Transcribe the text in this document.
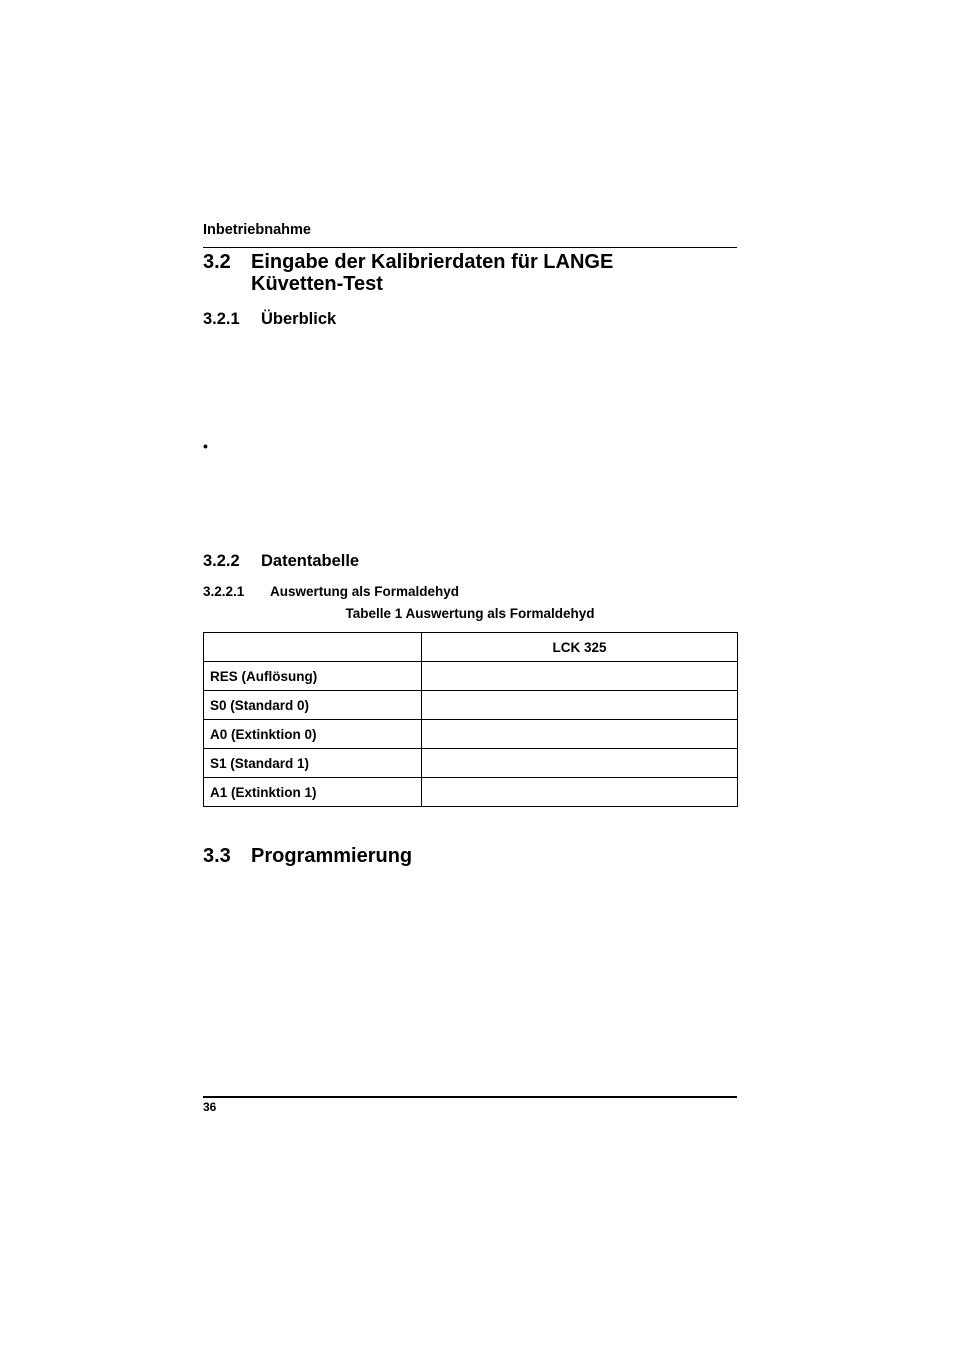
Inbetriebnahme
3.2 Eingabe der Kalibrierdaten für LANGE
Küvetten-Test
3.2.1 Überblick
•
3.2.2 Datentabelle
3.2.2.1 Auswertung als Formaldehyd
Tabelle 1 Auswertung als Formaldehyd
	LCK 325
RES (Auflösung)	
S0 (Standard 0)	
A0 (Extinktion 0)	
S1 (Standard 1)	
A1 (Extinktion 1)	
3.3 Programmierung
36
